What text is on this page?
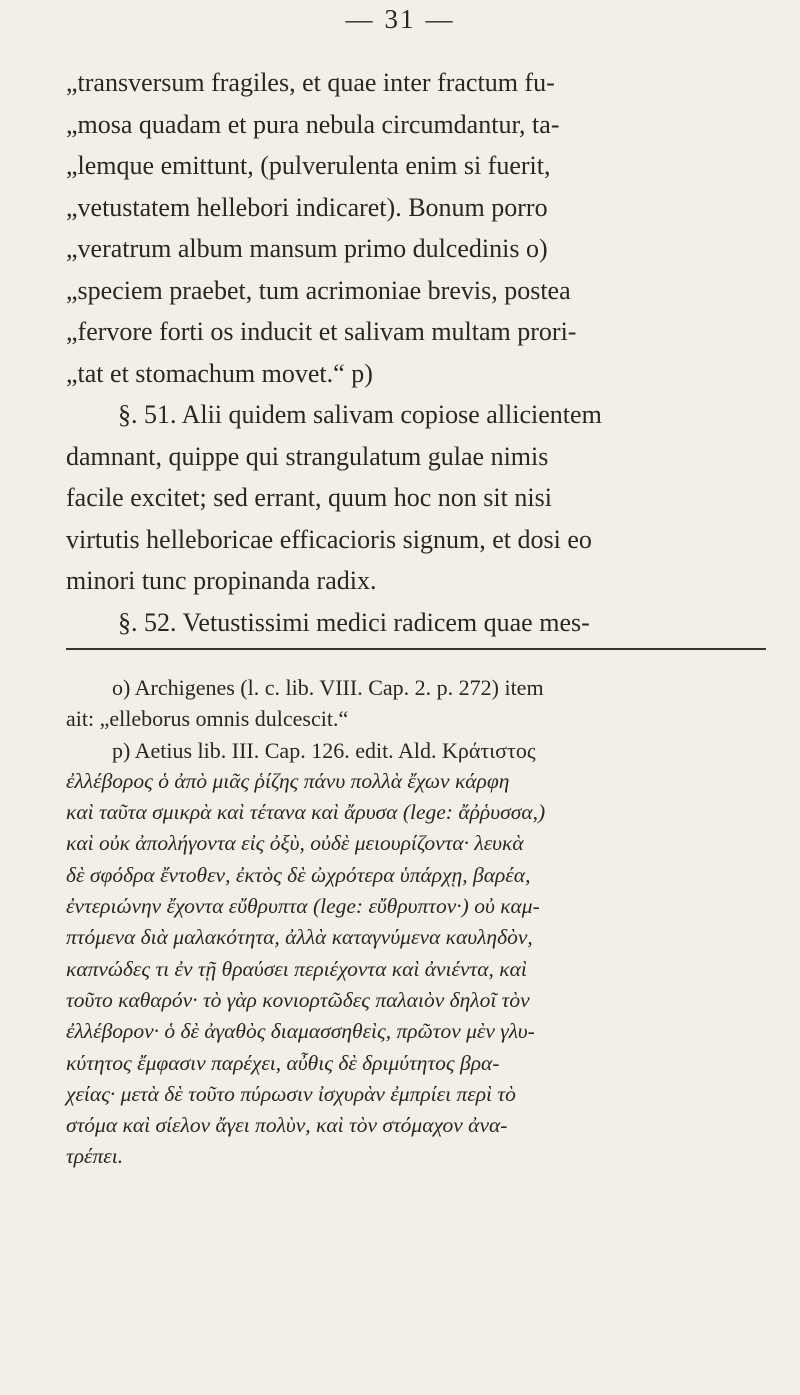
— 31 —
„transversum fragiles, et quae inter fractum fu-
„mosa quadam et pura nebula circumdantur, ta-
„lemque emittunt, (pulverulenta enim si fuerit,
„vetustatem hellebori indicaret). Bonum porro
„veratrum album mansum primo dulcedinis o)
„speciem praebet, tum acrimoniae brevis, postea
„fervore forti os inducit et salivam multam prori-
„tat et stomachum movet.“ p)
§. 51. Alii quidem salivam copiose allicientem
damnant, quippe qui strangulatum gulae nimis
facile excitet; sed errant, quum hoc non sit nisi
virtutis helleboricae efficacioris signum, et dosi eo
minori tunc propinanda radix.
§. 52. Vetustissimi medici radicem quae mes-
o) Archigenes (l. c. lib. VIII. Cap. 2. p. 272) item
ait: „elleborus omnis dulcescit.“
p) Aetius lib. III. Cap. 126. edit. Ald. Κράτιστος
ἐλλέβορος ὁ ἀπὸ μιᾶς ῥίζης πάνυ πολλὰ ἔχων κάρφη
καὶ ταῦτα σμικρὰ καὶ τέτανα καὶ ἄρυσα (lege: ἄῤῥυσσα,)
καὶ οὐκ ἀπολήγοντα εἰς ὀξὺ, οὐδὲ μειουρίζοντα· λευκὰ
δὲ σφόδρα ἔντοθεν, ἐκτὸς δὲ ὠχρότερα ὑπάρχῃ, βαρέα,
ἐντεριώνην ἔχοντα εὔθρυπτα (lege: εὔθρυπτον·) οὐ καμ-
πτόμενα διὰ μαλακότητα, ἀλλὰ καταγνύμενα καυληδὸν,
καπνώδες τι ἐν τῇ θραύσει περιέχοντα καὶ ἀνιέντα, καὶ
τοῦτο καθαρόν· τὸ γὰρ κονιορτῶδες παλαιὸν δηλοῖ τὸν
ἐλλέβορον· ὁ δὲ ἀγαθὸς διαμασσηθεὶς, πρῶτον μὲν γλυ-
κύτητος ἔμφασιν παρέχει, αὖθις δὲ δριμύτητος βρα-
χείας· μετὰ δὲ τοῦτο πύρωσιν ἰσχυρὰν ἐμπρίει περὶ τὸ
στόμα καὶ σίελον ἄγει πολὺν, καὶ τὸν στόμαχον ἀνα-
τρέπει.
